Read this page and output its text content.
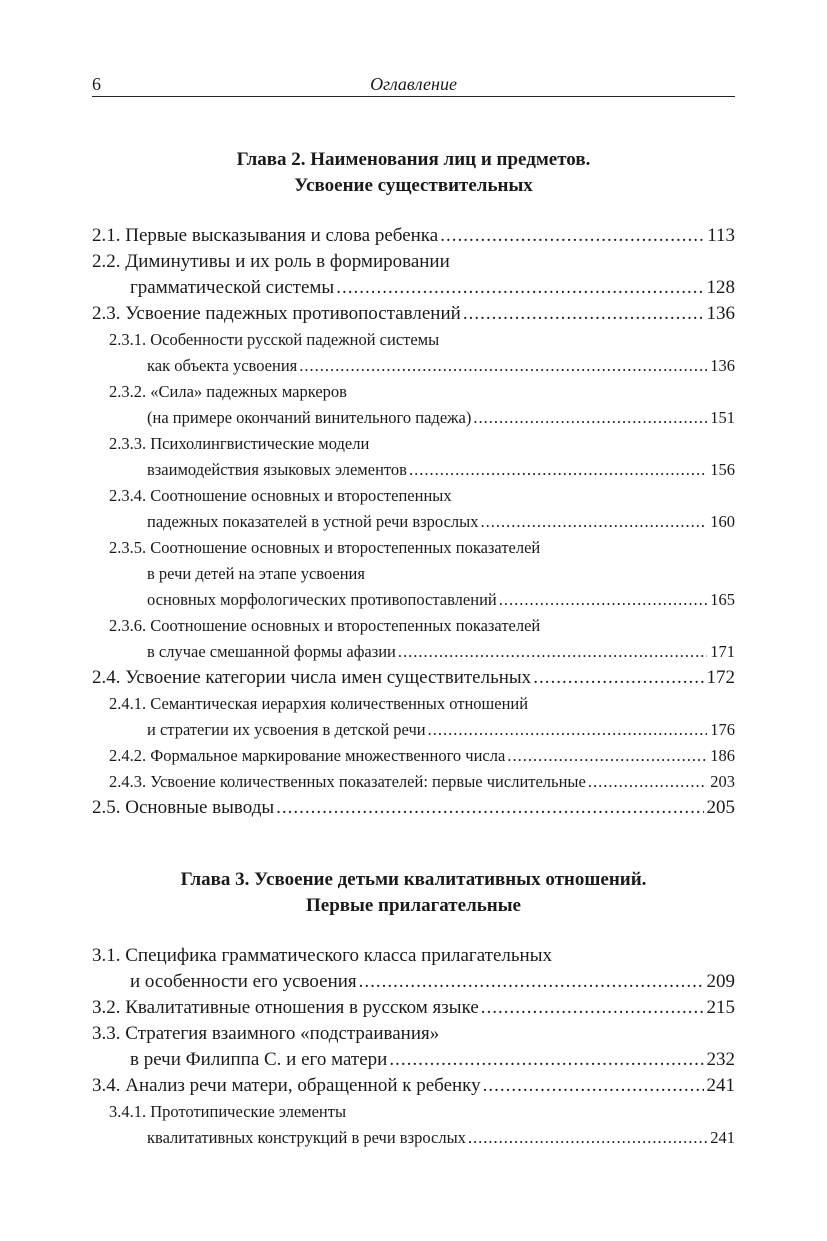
6	Оглавление
Глава 2. Наименования лиц и предметов.
Усвоение существительных
2.1. Первые высказывания и слова ребенка .....	113
2.2. Диминутивы и их роль в формировании
грамматической системы .....	128
2.3. Усвоение падежных противопоставлений .....	136
2.3.1. Особенности русской падежной системы
как объекта усвоения .....	136
2.3.2. «Сила» падежных маркеров
(на примере окончаний винительного падежа) .....	151
2.3.3. Психолингвистические модели
взаимодействия языковых элементов .....	156
2.3.4. Соотношение основных и второстепенных
падежных показателей в устной речи взрослых .....	160
2.3.5. Соотношение основных и второстепенных показателей
в речи детей на этапе усвоения
основных морфологических противопоставлений .....	165
2.3.6. Соотношение основных и второстепенных показателей
в случае смешанной формы афазии .....	171
2.4. Усвоение категории числа имен существительных .....	172
2.4.1. Семантическая иерархия количественных отношений
и стратегии их усвоения в детской речи .....	176
2.4.2. Формальное маркирование множественного числа .....	186
2.4.3. Усвоение количественных показателей: первые числительные .....	203
2.5. Основные выводы .....	205
Глава 3. Усвоение детьми квалитативных отношений.
Первые прилагательные
3.1. Специфика грамматического класса прилагательных
и особенности его усвоения .....	209
3.2. Квалитативные отношения в русском языке .....	215
3.3. Стратегия взаимного «подстраивания»
в речи Филиппа С. и его матери .....	232
3.4. Анализ речи матери, обращенной к ребенку .....	241
3.4.1. Прототипические элементы
квалитативных конструкций в речи взрослых .....	241
